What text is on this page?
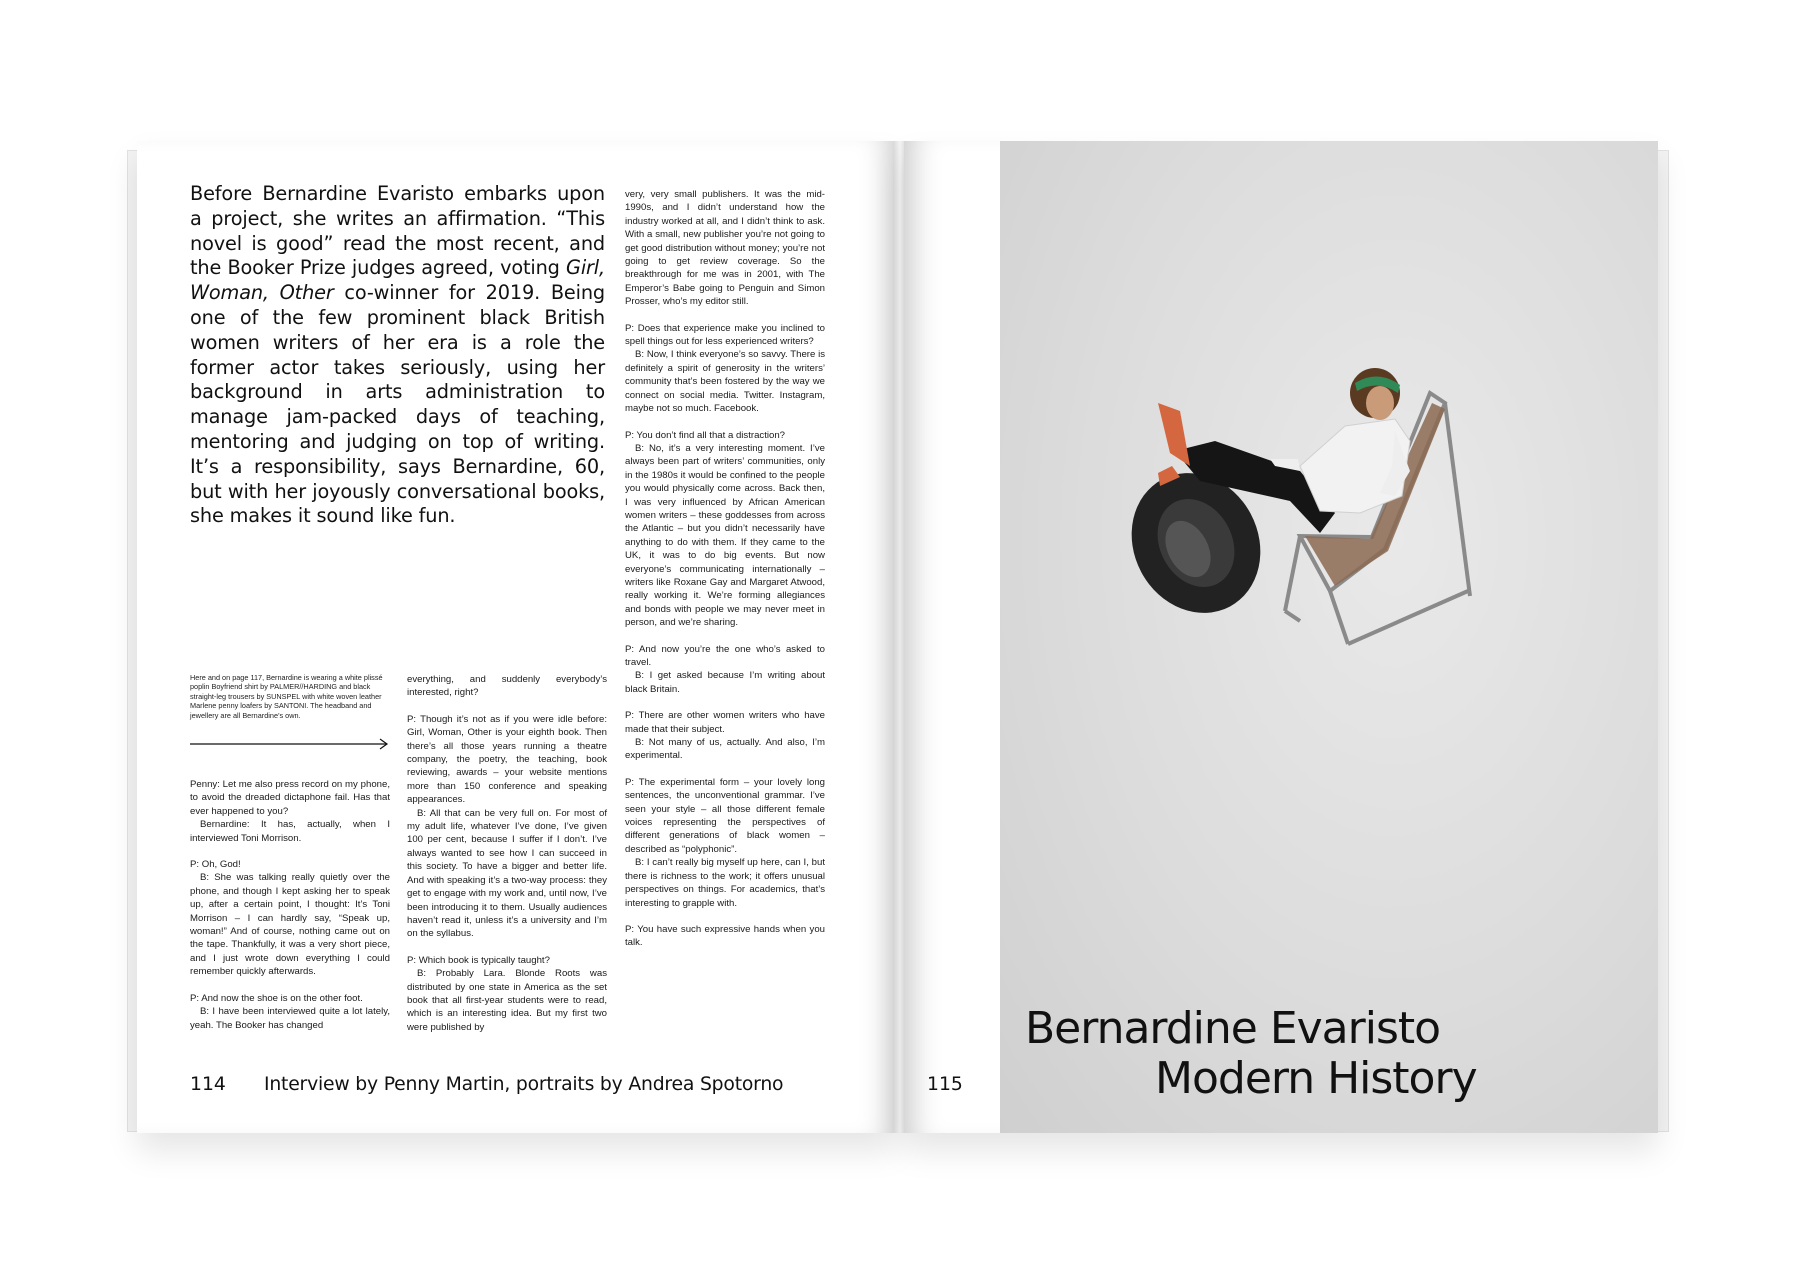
Before Bernardine Evaristo embarks upon a project, she writes an affirmation. “This novel is good” read the most recent, and the Booker Prize judges agreed, voting Girl, Woman, Other co-winner for 2019. Being one of the few prominent black British women writers of her era is a role the former actor takes seriously, using her background in arts administration to manage jam-packed days of teaching, mentoring and judging on top of writing. It’s a responsibility, says Bernardine, 60, but with her joyously conversational books, she makes it sound like fun.
Here and on page 117, Bernardine is wearing a white plissé poplin Boyfriend shirt by PALMER//HARDING and black straight-leg trousers by SUNSPEL with white woven leather Marlene penny loafers by SANTONI. The headband and jewellery are all Bernardine’s own.

Penny: Let me also press record on my phone, to avoid the dreaded dictaphone fail. Has that ever happened to you?

Bernardine: It has, actually, when I interviewed Toni Morrison.

P: Oh, God!

B: She was talking really quietly over the phone, and though I kept asking her to speak up, after a certain point, I thought: It’s Toni Morrison – I can hardly say, “Speak up, woman!” And of course, nothing came out on the tape. Thankfully, it was a very short piece, and I just wrote down everything I could remember quickly afterwards.

P: And now the shoe is on the other foot.

B: I have been interviewed quite a lot lately, yeah. The Booker has changed

everything, and suddenly everybody’s interested, right?

P: Though it’s not as if you were idle before: Girl, Woman, Other is your eighth book. Then there’s all those years running a theatre company, the poetry, the teaching, book reviewing, awards – your website mentions more than 150 conference and speaking appearances.

B: All that can be very full on. For most of my adult life, whatever I’ve done, I’ve given 100 per cent, because I suffer if I don’t. I’ve always wanted to see how I can succeed in this society. To have a bigger and better life. And with speaking it’s a two-way process: they get to engage with my work and, until now, I’ve been introducing it to them. Usually audiences haven’t read it, unless it’s a university and I’m on the syllabus.

P: Which book is typically taught?

B: Probably Lara. Blonde Roots was distributed by one state in America as the set book that all first-year students were to read, which is an interesting idea. But my first two were published by

very, very small publishers. It was the mid-1990s, and I didn’t understand how the industry worked at all, and I didn’t think to ask. With a small, new publisher you’re not going to get good distribution without money; you’re not going to get review coverage. So the breakthrough for me was in 2001, with The Emperor’s Babe going to Penguin and Simon Prosser, who’s my editor still.

P: Does that experience make you inclined to spell things out for less experienced writers?

B: Now, I think everyone’s so savvy. There is definitely a spirit of generosity in the writers’ community that’s been fostered by the way we connect on social media. Twitter. Instagram, maybe not so much. Facebook.

P: You don’t find all that a distraction?

B: No, it’s a very interesting moment. I’ve always been part of writers’ communities, only in the 1980s it would be confined to the people you would physically come across. Back then, I was very influenced by African American women writers – these goddesses from across the Atlantic – but you didn’t necessarily have anything to do with them. If they came to the UK, it was to do big events. But now everyone’s communicating internationally – writers like Roxane Gay and Margaret Atwood, really working it. We’re forming allegiances and bonds with people we may never meet in person, and we’re sharing.

P: And now you’re the one who’s asked to travel.

B: I get asked because I’m writing about black Britain.

P: There are other women writers who have made that their subject.

B: Not many of us, actually. And also, I’m experimental.

P: The experimental form – your lovely long sentences, the unconventional grammar. I’ve seen your style – all those different female voices representing the perspectives of different generations of black women – described as “polyphonic”.

B: I can’t really big myself up here, can I, but there is richness to the work; it offers unusual perspectives on things. For academics, that’s interesting to grapple with.

P: You have such expressive hands when you talk.

114 Interview by Penny Martin, portraits by Andrea Spotorno	115
Bernardine Evaristo
Modern History
